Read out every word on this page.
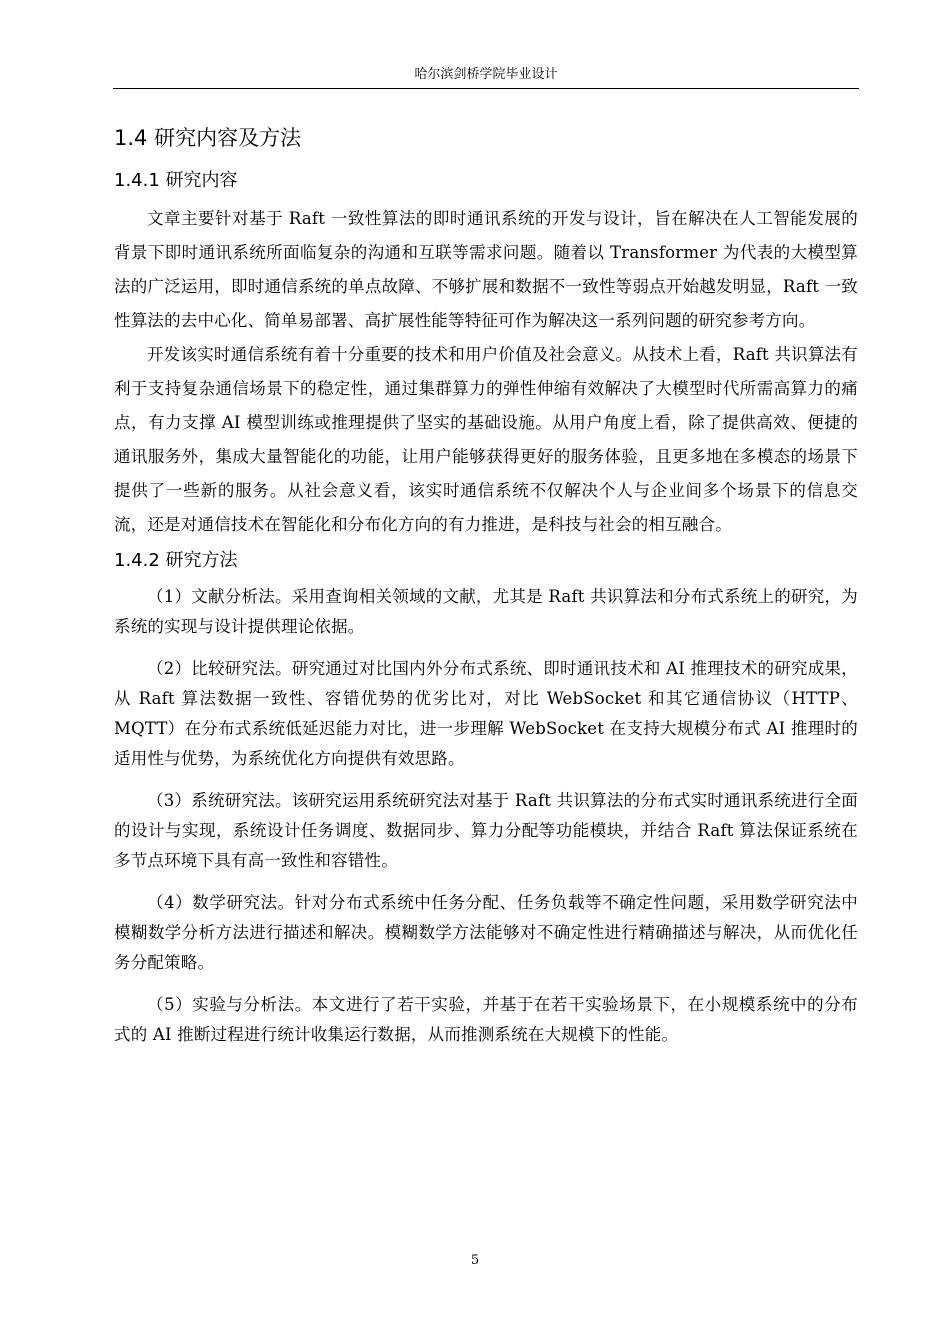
哈尔滨剑桥学院毕业设计
1.4 研究内容及方法
1.4.1 研究内容

文章主要针对基于 Raft 一致性算法的即时通讯系统的开发与设计，旨在解决在人工智能发展的背景下即时通讯系统所面临复杂的沟通和互联等需求问题。随着以 Transformer 为代表的大模型算法的广泛运用，即时通信系统的单点故障、不够扩展和数据不一致性等弱点开始越发明显，Raft 一致性算法的去中心化、简单易部署、高扩展性能等特征可作为解决这一系列问题的研究参考方向。

开发该实时通信系统有着十分重要的技术和用户价值及社会意义。从技术上看，Raft 共识算法有利于支持复杂通信场景下的稳定性，通过集群算力的弹性伸缩有效解决了大模型时代所需高算力的痛点，有力支撑 AI 模型训练或推理提供了坚实的基础设施。从用户角度上看，除了提供高效、便捷的通讯服务外，集成大量智能化的功能，让用户能够获得更好的服务体验，且更多地在多模态的场景下提供了一些新的服务。从社会意义看，该实时通信系统不仅解决个人与企业间多个场景下的信息交流，还是对通信技术在智能化和分布化方向的有力推进，是科技与社会的相互融合。

1.4.2 研究方法

（1）文献分析法。采用查询相关领域的文献，尤其是 Raft 共识算法和分布式系统上的研究，为系统的实现与设计提供理论依据。

（2）比较研究法。研究通过对比国内外分布式系统、即时通讯技术和 AI 推理技术的研究成果，从 Raft 算法数据一致性、容错优势的优劣比对，对比 WebSocket 和其它通信协议（HTTP、MQTT）在分布式系统低延迟能力对比，进一步理解 WebSocket 在支持大规模分布式 AI 推理时的适用性与优势，为系统优化方向提供有效思路。

（3）系统研究法。该研究运用系统研究法对基于 Raft 共识算法的分布式实时通讯系统进行全面的设计与实现，系统设计任务调度、数据同步、算力分配等功能模块，并结合 Raft 算法保证系统在多节点环境下具有高一致性和容错性。

（4）数学研究法。针对分布式系统中任务分配、任务负载等不确定性问题，采用数学研究法中模糊数学分析方法进行描述和解决。模糊数学方法能够对不确定性进行精确描述与解决，从而优化任务分配策略。

（5）实验与分析法。本文进行了若干实验，并基于在若干实验场景下，在小规模系统中的分布式的 AI 推断过程进行统计收集运行数据，从而推测系统在大规模下的性能。

5
